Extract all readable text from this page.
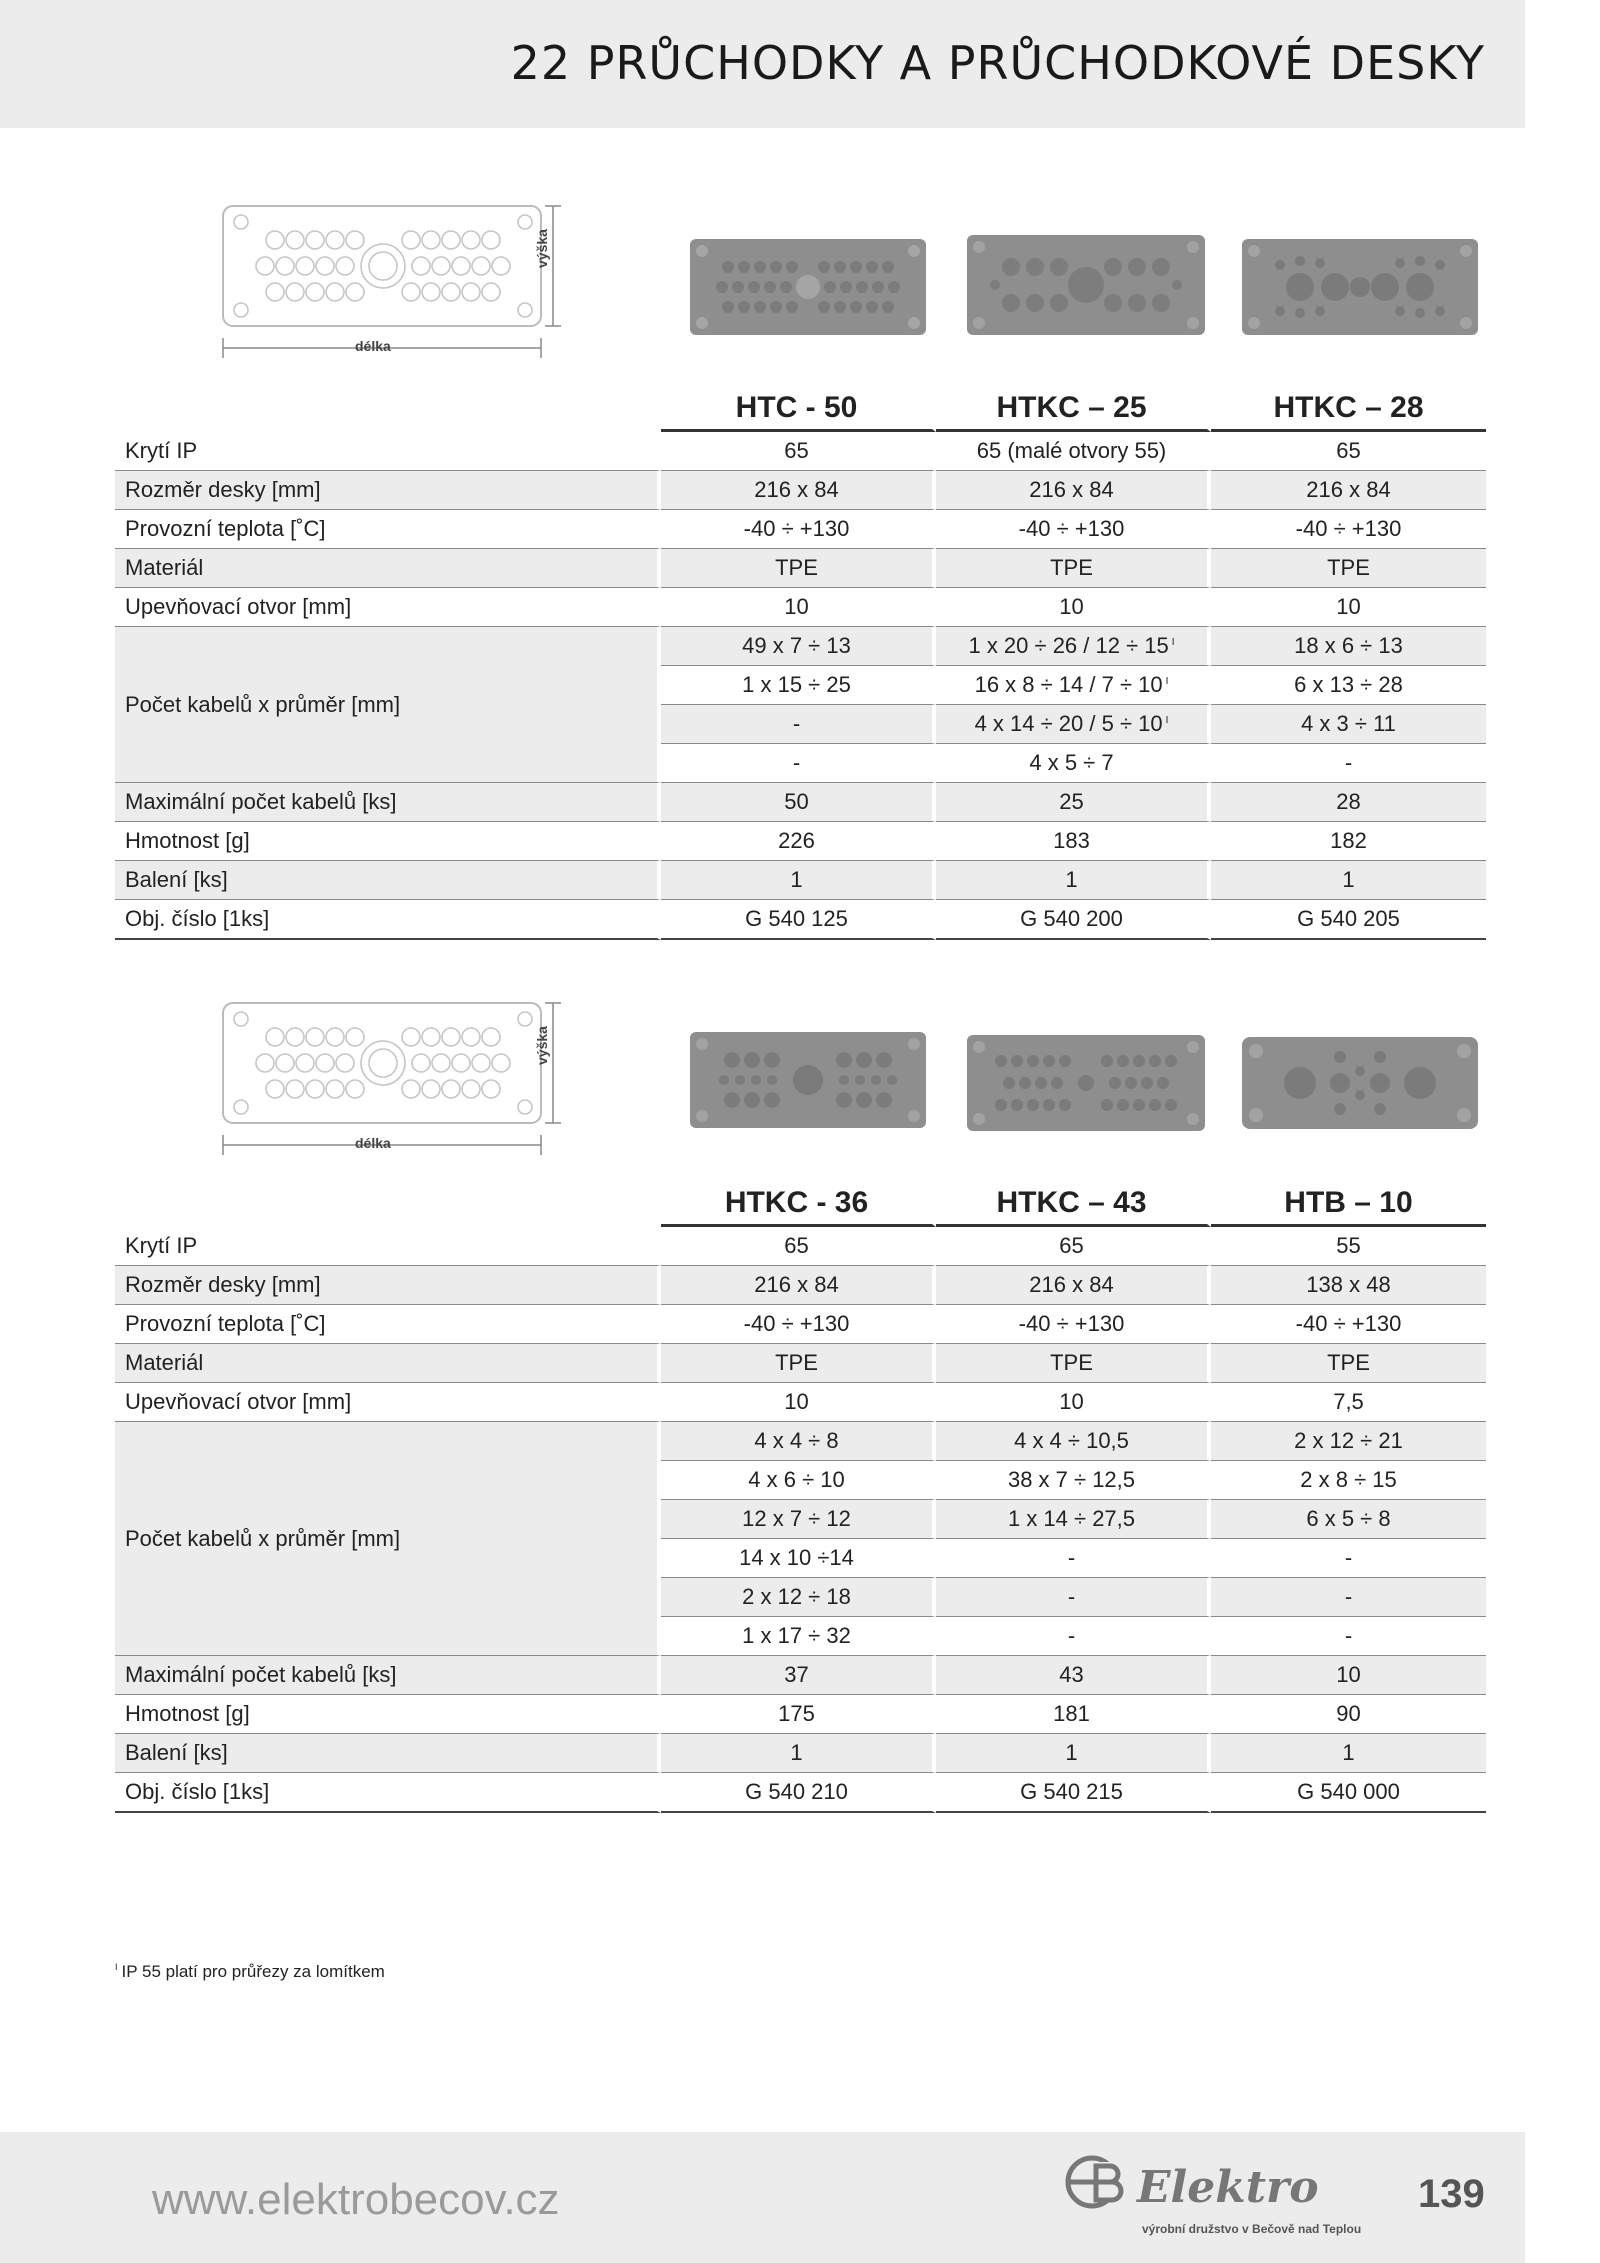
22 PRŮCHODKY A PRŮCHODKOVÉ DESKY
délka
výška
	HTC - 50	HTKC – 25	HTKC – 28
Krytí IP	65	65 (malé otvory 55)	65
Rozměr desky [mm]	216 x 84	216 x 84	216 x 84
Provozní teplota [˚C]	-40 ÷ +130	-40 ÷ +130	-40 ÷ +130
Materiál	TPE	TPE	TPE
Upevňovací otvor [mm]	10	10	10
Počet kabelů x průměr [mm]	49 x 7 ÷ 13	1 x 20 ÷ 26 / 12 ÷ 15 $^I$	18 x 6 ÷ 13
	1 x 15 ÷ 25	16 x 8 ÷ 14 / 7 ÷ 10 $^I$	6 x 13 ÷ 28
	-	4 x 14 ÷ 20 / 5 ÷ 10 $^I$	4 x 3 ÷ 11
	-	4 x 5 ÷ 7	-
Maximální počet kabelů [ks]	50	25	28
Hmotnost [g]	226	183	182
Balení [ks]	1	1	1
Obj. číslo [1ks]	G 540 125	G 540 200	G 540 205
délka
výška
	HTKC - 36	HTKC – 43	HTB – 10
Krytí IP	65	65	55
Rozměr desky [mm]	216 x 84	216 x 84	138 x 48
Provozní teplota [˚C]	-40 ÷ +130	-40 ÷ +130	-40 ÷ +130
Materiál	TPE	TPE	TPE
Upevňovací otvor [mm]	10	10	7,5
Počet kabelů x průměr [mm]	4 x 4 ÷ 8	4 x 4 ÷ 10,5	2 x 12 ÷ 21
	4 x 6 ÷ 10	38 x 7 ÷ 12,5	2 x 8 ÷ 15
	12 x 7 ÷ 12	1 x 14 ÷ 27,5	6 x 5 ÷ 8
	14 x 10 ÷14	-	-
	2 x 12 ÷ 18	-	-
	1 x 17 ÷ 32	-	-
Maximální počet kabelů [ks]	37	43	10
Hmotnost [g]	175	181	90
Balení [ks]	1	1	1
Obj. číslo [1ks]	G 540 210	G 540 215	G 540 000
$^I$ IP 55 platí pro průřezy za lomítkem
www.elektrobecov.cz	Elektro
výrobní družstvo v Bečově nad Teplou
139
